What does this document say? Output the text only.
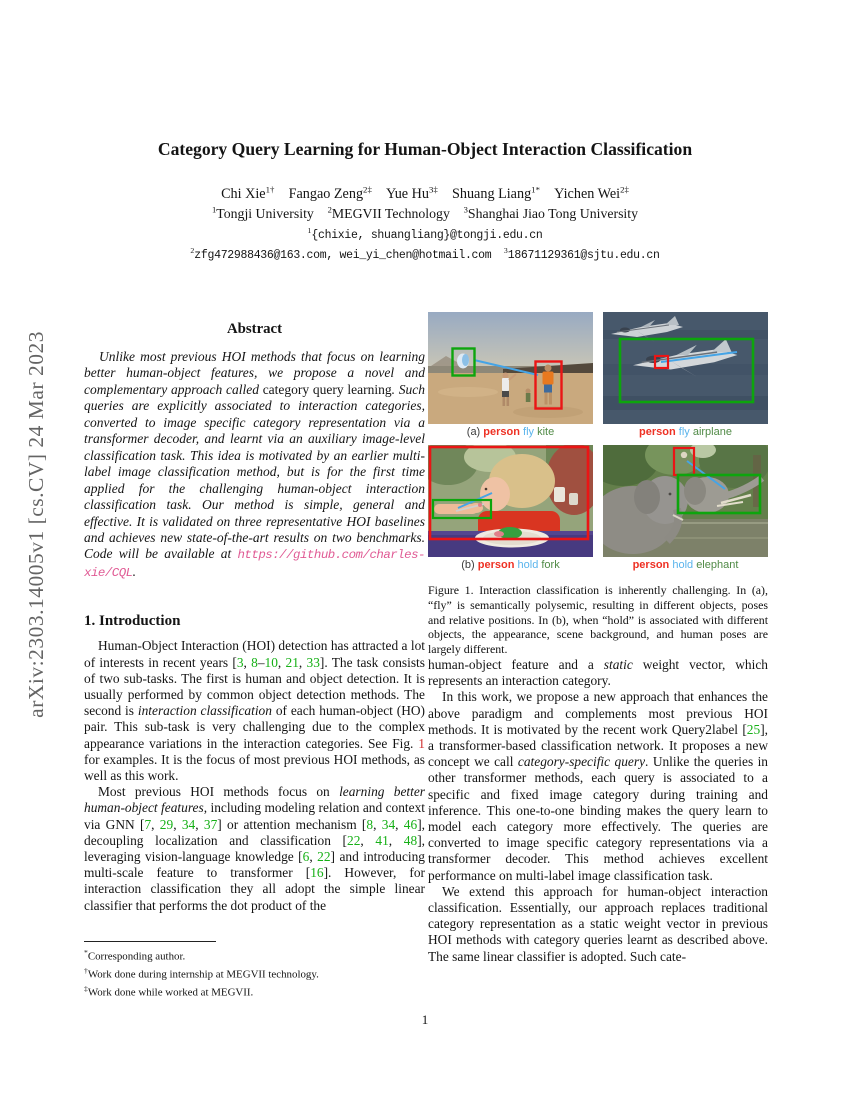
arXiv:2303.14005v1 [cs.CV] 24 Mar 2023
Category Query Learning for Human-Object Interaction Classification
Chi Xie$^{1\dagger}$   Fangao Zeng$^{2\ddagger}$   Yue $Hu^{3\ddagger}$   Shuang Liang$^{1*}$   Yichen Wei$^{2\ddagger}$
$^1$Tongji University   $^2$MEGVII Technology   $^3$Shanghai Jiao Tong University
$^1${chixie, shuangliang}@tongji.edu.cn
$^2$zfg472988436@163.com, wei_yi_chen@hotmail.com   $^3$18671129361@sjtu.edu.cn
Abstract

Unlike most previous HOI methods that focus on learning better human-object features, we propose a novel and complementary approach called category query learning. Such queries are explicitly associated to interaction categories, converted to image specific category representation via a transformer decoder, and learnt via an auxiliary image-level classification task. This idea is motivated by an earlier multi-label image classification method, but is for the first time applied for the challenging human-object interaction classification task. Our method is simple, general and effective. It is validated on three representative HOI baselines and achieves new state-of-the-art results on two benchmarks. Code will be available at https://github.com/charles-xie/CQL.

1. Introduction

Human-Object Interaction (HOI) detection has attracted a lot of interests in recent years [3, 8–10, 21, 33]. The task consists of two sub-tasks. The first is human and object detection. It is usually performed by common object detection methods. The second is interaction classification of each human-object (HO) pair. This sub-task is very challenging due to the complex appearance variations in the interaction categories. See Fig. 1 for examples. It is the focus of most previous HOI methods, as well as this work.

Most previous HOI methods focus on learning better human-object features, including modeling relation and context via GNN [7, 29, 34, 37] or attention mechanism [8, 34, 46], decoupling localization and classification [22, 41, 48], leveraging vision-language knowledge [6, 22] and introducing multi-scale feature to transformer [16]. However, for interaction classification they all adopt the simple linear classifier that performs the dot product of the

*Corresponding author.
†Work done during internship at MEGVII technology.
‡Work done while worked at MEGVII.
(a) person fly kite	person fly airplane
(b) person hold fork	person hold elephant
Figure 1. Interaction classification is inherently challenging. In (a), “fly” is semantically polysemic, resulting in different objects, poses and relative positions. In (b), when “hold” is associated with different objects, the appearance, scene background, and human poses are largely different.

human-object feature and a static weight vector, which represents an interaction category.

In this work, we propose a new approach that enhances the above paradigm and complements most previous HOI methods. It is motivated by the recent work Query2label [25], a transformer-based classification network. It proposes a new concept we call category-specific query. Unlike the queries in other transformer methods, each query is associated to a specific and fixed image category during training and inference. This one-to-one binding makes the query learn to model each category more effectively. The queries are converted to image specific category representations via a transformer decoder. This method achieves excellent performance on multi-label image classification task.

We extend this approach for human-object interaction classification. Essentially, our approach replaces traditional category representation as a static weight vector in previous HOI methods with category queries learnt as described above. The same linear classifier is adopted. Such cate-

1
